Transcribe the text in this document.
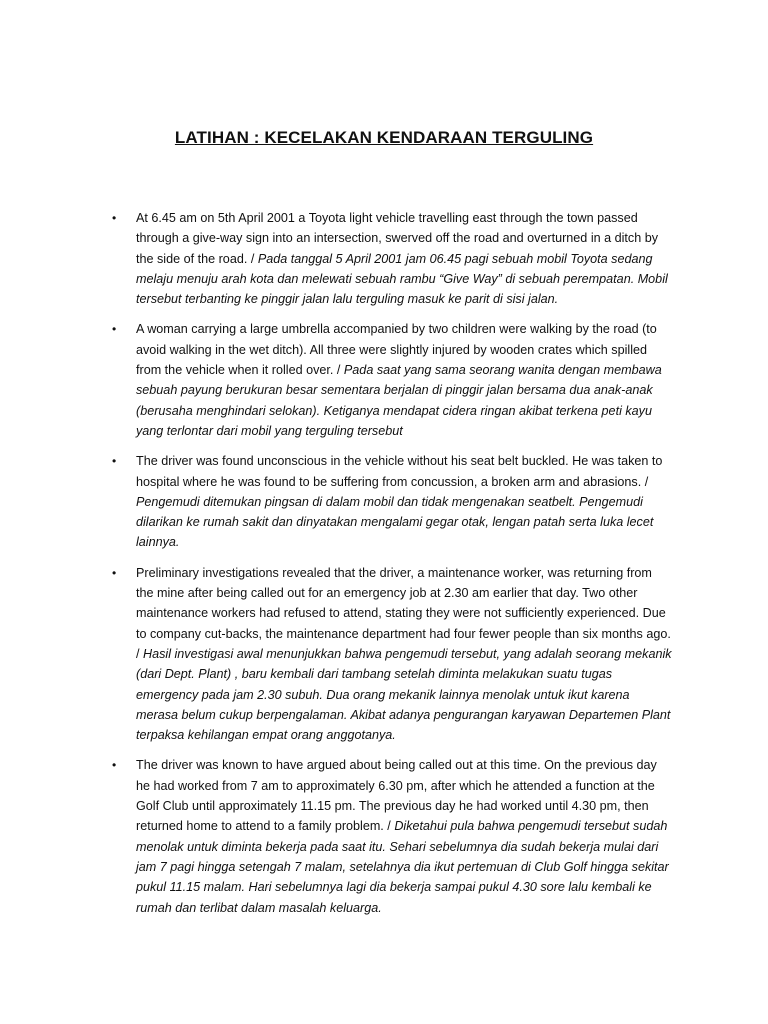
LATIHAN : KECELAKAN KENDARAAN TERGULING
• At 6.45 am on 5th April 2001 a Toyota light vehicle travelling east through the town passed through a give-way sign into an intersection, swerved off the road and overturned in a ditch by the side of the road. / Pada tanggal 5 April 2001 jam 06.45 pagi sebuah mobil Toyota sedang melaju menuju arah kota dan melewati sebuah rambu “Give Way” di sebuah perempatan. Mobil tersebut terbanting ke pinggir jalan lalu terguling masuk ke parit di sisi jalan.
• A woman carrying a large umbrella accompanied by two children were walking by the road (to avoid walking in the wet ditch). All three were slightly injured by wooden crates which spilled from the vehicle when it rolled over. / Pada saat yang sama seorang wanita dengan membawa sebuah payung berukuran besar sementara berjalan di pinggir jalan bersama dua anak-anak (berusaha menghindari selokan). Ketiganya mendapat cidera ringan akibat terkena peti kayu yang terlontar dari mobil yang terguling tersebut
• The driver was found unconscious in the vehicle without his seat belt buckled. He was taken to hospital where he was found to be suffering from concussion, a broken arm and abrasions. / Pengemudi ditemukan pingsan di dalam mobil dan tidak mengenakan seatbelt. Pengemudi dilarikan ke rumah sakit dan dinyatakan mengalami gegar otak, lengan patah serta luka lecet lainnya.
• Preliminary investigations revealed that the driver, a maintenance worker, was returning from the mine after being called out for an emergency job at 2.30 am earlier that day. Two other maintenance workers had refused to attend, stating they were not sufficiently experienced. Due to company cut-backs, the maintenance department had four fewer people than six months ago. / Hasil investigasi awal menunjukkan bahwa pengemudi tersebut, yang adalah seorang mekanik (dari Dept. Plant) , baru kembali dari tambang setelah diminta melakukan suatu tugas emergency pada jam 2.30 subuh. Dua orang mekanik lainnya menolak untuk ikut karena merasa belum cukup berpengalaman. Akibat adanya pengurangan karyawan Departemen Plant terpaksa kehilangan empat orang anggotanya.
• The driver was known to have argued about being called out at this time. On the previous day he had worked from 7 am to approximately 6.30 pm, after which he attended a function at the Golf Club until approximately 11.15 pm. The previous day he had worked until 4.30 pm, then returned home to attend to a family problem. / Diketahui pula bahwa pengemudi tersebut sudah menolak untuk diminta bekerja pada saat itu. Sehari sebelumnya dia sudah bekerja mulai dari jam 7 pagi hingga setengah 7 malam, setelahnya dia ikut pertemuan di Club Golf hingga sekitar pukul 11.15 malam. Hari sebelumnya lagi dia bekerja sampai pukul 4.30 sore lalu kembali ke rumah dan terlibat dalam masalah keluarga.
